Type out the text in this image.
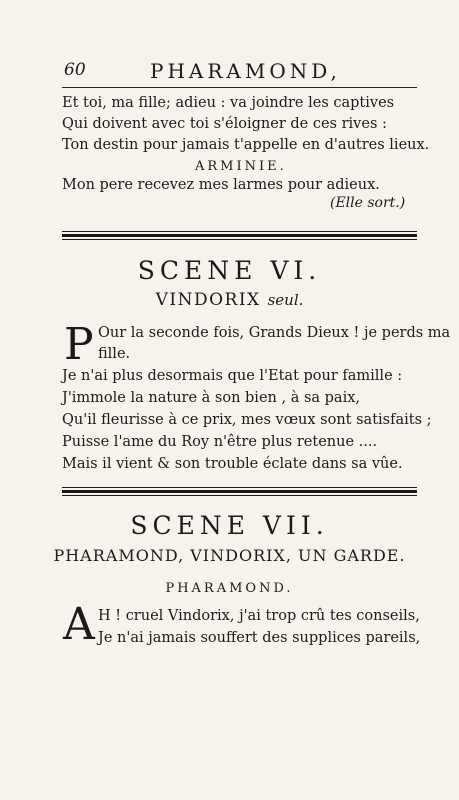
60	PHARAMOND,
Et toi, ma fille; adieu : va joindre les captives
Qui doivent avec toi s'éloigner de ces rives :
Ton destin pour jamais t'appelle en d'autres lieux.
ARMINIE.
Mon pere recevez mes larmes pour adieux.
(Elle sort.)
SCENE VI.
VINDORIX seul.
P Our la seconde fois, Grands Dieux ! je perds ma
fille.
Je n'ai plus desormais que l'Etat pour famille :
J'immole la nature à son bien , à sa paix,
Qu'il fleurisse à ce prix, mes vœux sont satisfaits ;
Puisse l'ame du Roy n'être plus retenue ....
Mais il vient & son trouble éclate dans sa vûe.
SCENE VII.
PHARAMOND, VINDORIX, UN GARDE.
PHARAMOND.
A H ! cruel Vindorix, j'ai trop crû tes conseils,
Je n'ai jamais souffert des supplices pareils,
